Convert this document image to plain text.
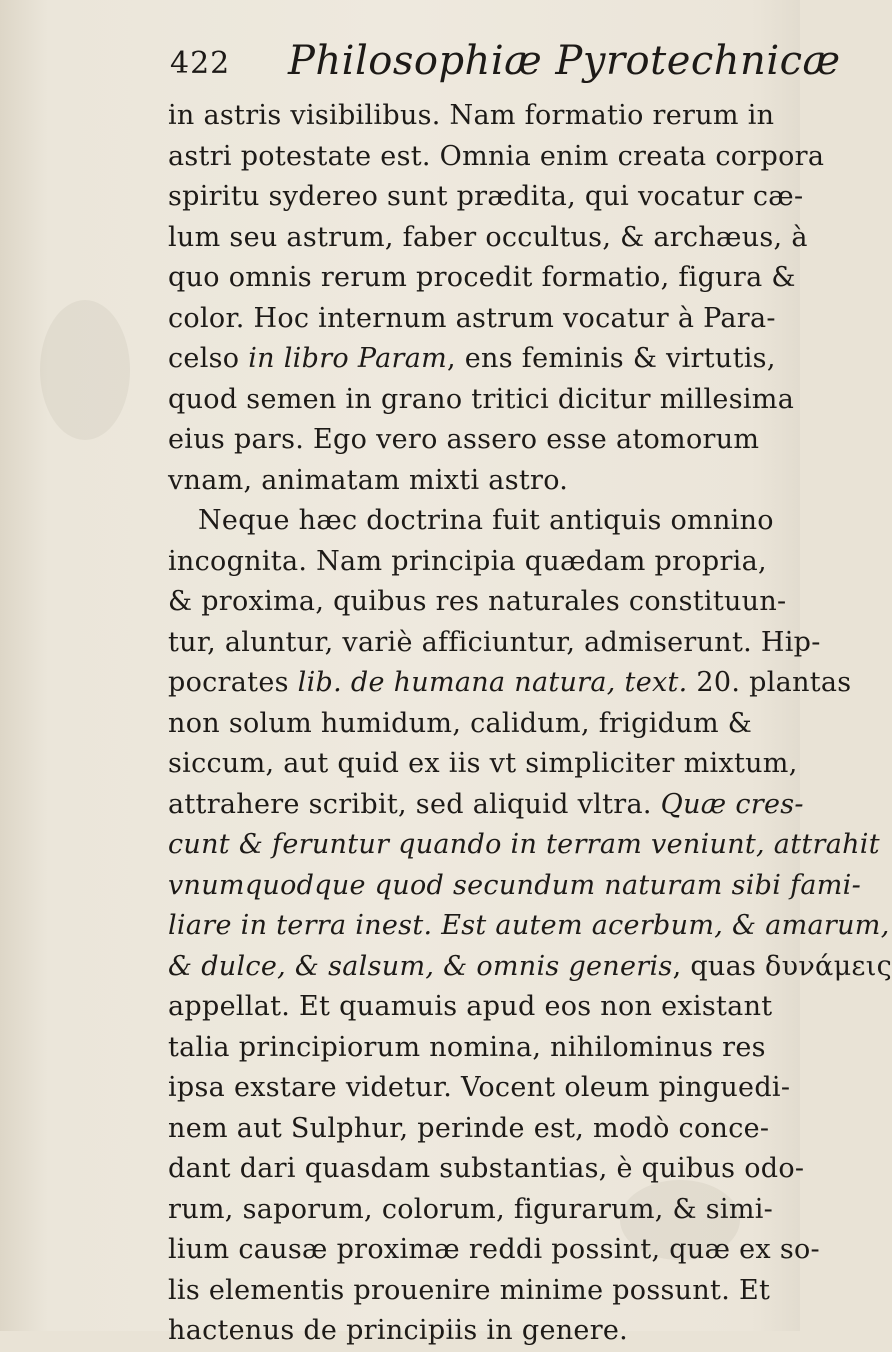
422 Philosophiæ Pyrotechnicæ
in astris visibilibus. Nam formatio rerum in
astri potestate est. Omnia enim creata corpora
spiritu sydereo sunt prædita, qui vocatur cæ-
lum seu astrum, faber occultus, & archæus, à
quo omnis rerum procedit formatio, figura &
color. Hoc internum astrum vocatur à Para-
celso in libro Param, ens feminis & virtutis,
quod semen in grano tritici dicitur millesima
eius pars. Ego vero assero esse atomorum
vnam, animatam mixti astro.
Neque hæc doctrina fuit antiquis omnino
incognita. Nam principia quædam propria,
& proxima, quibus res naturales constituun-
tur, aluntur, variè afficiuntur, admiserunt. Hip-
pocrates lib. de humana natura, text. 20. plantas
non solum humidum, calidum, frigidum &
siccum, aut quid ex iis vt simpliciter mixtum,
attrahere scribit, sed aliquid vltra. Quæ cres-
cunt & feruntur quando in terram veniunt, attrahit
vnumquodque quod secundum naturam sibi fami-
liare in terra inest. Est autem acerbum, & amarum,
& dulce, & salsum, & omnis generis, quas δυνάμεις
appellat. Et quamuis apud eos non existant
talia principiorum nomina, nihilominus res
ipsa exstare videtur. Vocent oleum pinguedi-
nem aut Sulphur, perinde est, modò conce-
dant dari quasdam substantias, è quibus odo-
rum, saporum, colorum, figurarum, & simi-
lium causæ proximæ reddi possint, quæ ex so-
lis elementis prouenire minime possunt. Et
hactenus de principiis in genere.
